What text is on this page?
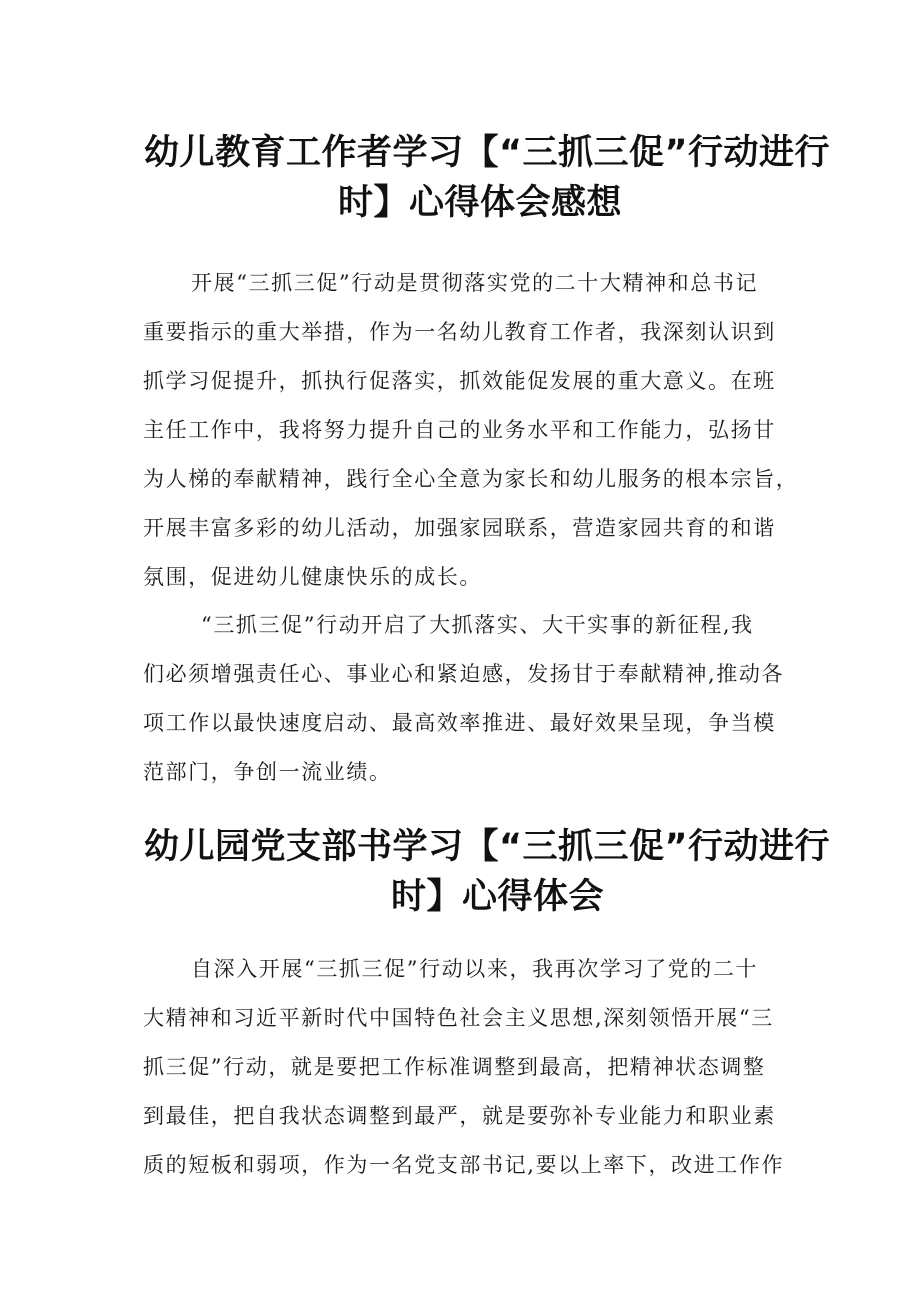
幼儿教育工作者学习【“三抓三促”行动进行
时】心得体会感想
开展“三抓三促”行动是贯彻落实党的二十大精神和总书记
重要指示的重大举措，作为一名幼儿教育工作者，我深刻认识到
抓学习促提升，抓执行促落实，抓效能促发展的重大意义。在班
主任工作中，我将努力提升自己的业务水平和工作能力，弘扬甘
为人梯的奉献精神，践行全心全意为家长和幼儿服务的根本宗旨，
开展丰富多彩的幼儿活动，加强家园联系，营造家园共育的和谐
氛围，促进幼儿健康快乐的成长。
“三抓三促”行动开启了大抓落实、大干实事的新征程,我
们必须增强责任心、事业心和紧迫感，发扬甘于奉献精神,推动各
项工作以最快速度启动、最高效率推进、最好效果呈现，争当模
范部门，争创一流业绩。
幼儿园党支部书学习【“三抓三促”行动进行
时】心得体会
自深入开展“三抓三促”行动以来，我再次学习了党的二十
大精神和习近平新时代中国特色社会主义思想,深刻领悟开展“三
抓三促”行动，就是要把工作标准调整到最高，把精神状态调整
到最佳，把自我状态调整到最严，就是要弥补专业能力和职业素
质的短板和弱项，作为一名党支部书记,要以上率下，改进工作作
